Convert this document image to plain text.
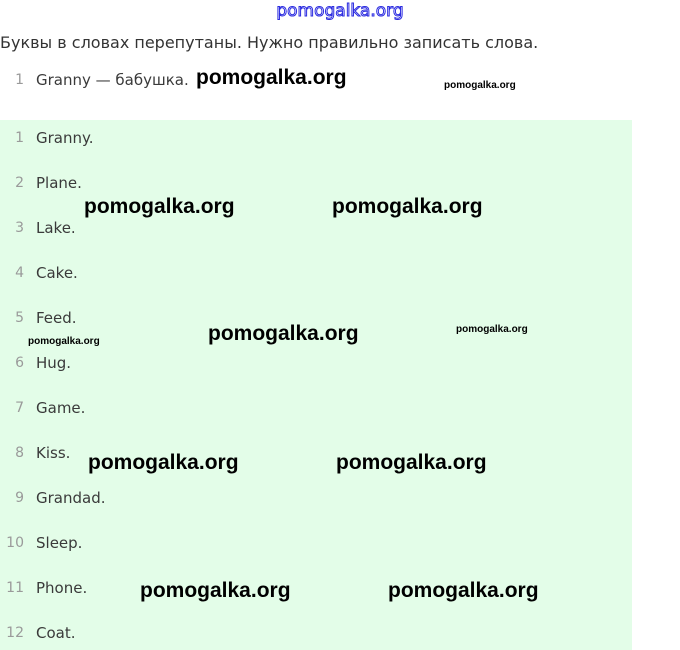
pomogalka.org
Буквы в словах перепутаны. Нужно правильно записать слова.
1 Granny — бабушка.
1 Granny.
2 Plane.
3 Lake.
4 Cake.
5 Feed.
6 Hug.
7 Game.
8 Kiss.
9 Grandad.
10 Sleep.
11 Phone.
12 Coat.
pomogalka.org	pomogalka.org
pomogalka.org	pomogalka.org
pomogalka.org	pomogalka.org
pomogalka.org
pomogalka.org	pomogalka.org
pomogalka.org	pomogalka.org
